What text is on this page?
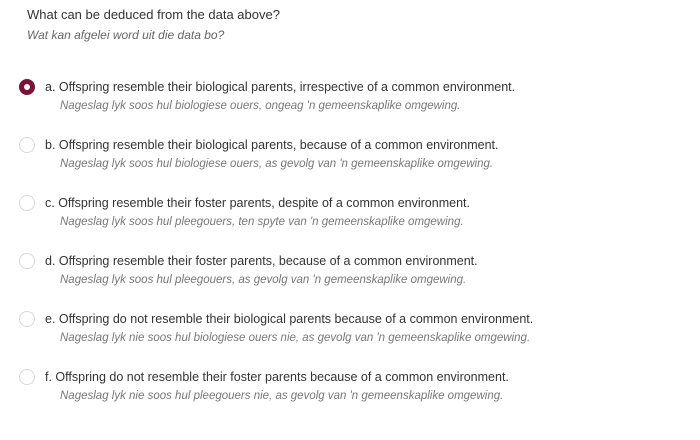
What can be deduced from the data above?
Wat kan afgelei word uit die data bo?
a. Offspring resemble their biological parents, irrespective of a common environment.
Nageslag lyk soos hul biologiese ouers, ongeag 'n gemeenskaplike omgewing.
b. Offspring resemble their biological parents, because of a common environment.
Nageslag lyk soos hul biologiese ouers, as gevolg van 'n gemeenskaplike omgewing.
c. Offspring resemble their foster parents, despite of a common environment.
Nageslag lyk soos hul pleegouers, ten spyte van 'n gemeenskaplike omgewing.
d. Offspring resemble their foster parents, because of a common environment.
Nageslag lyk soos hul pleegouers, as gevolg van 'n gemeenskaplike omgewing.
e. Offspring do not resemble their biological parents because of a common environment.
Nageslag lyk nie soos hul biologiese ouers nie, as gevolg van 'n gemeenskaplike omgewing.
f. Offspring do not resemble their foster parents because of a common environment.
Nageslag lyk nie soos hul pleegouers nie, as gevolg van 'n gemeenskaplike omgewing.
